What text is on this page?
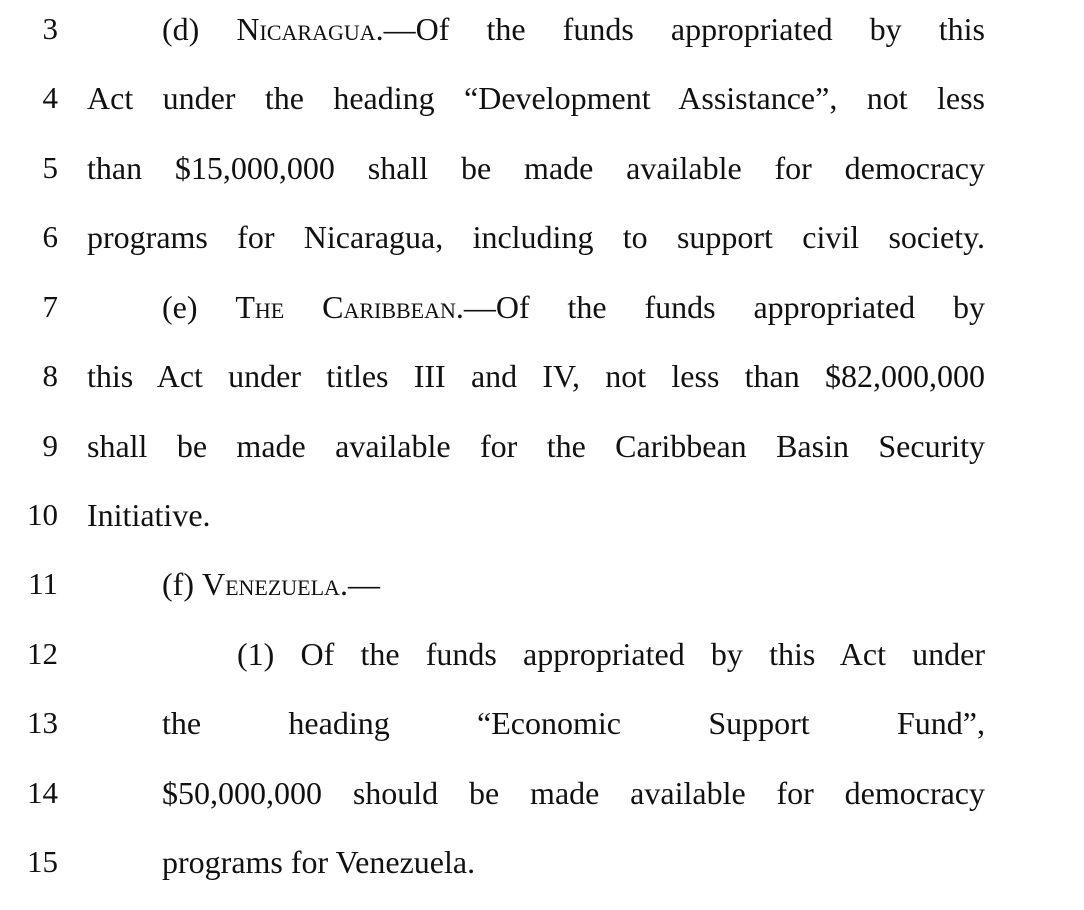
3	(d) Nicaragua.—Of the funds appropriated by this
4 Act under the heading “Development Assistance”, not less
5 than $15,000,000 shall be made available for democracy
6 programs for Nicaragua, including to support civil society.
7	(e) The Caribbean.—Of the funds appropriated by
8 this Act under titles III and IV, not less than $82,000,000
9 shall be made available for the Caribbean Basin Security
10 Initiative.
11	(f) Venezuela.—
12	(1) Of the funds appropriated by this Act under
13	the heading “Economic Support Fund”,
14	$50,000,000 should be made available for democracy
15	programs for Venezuela.
